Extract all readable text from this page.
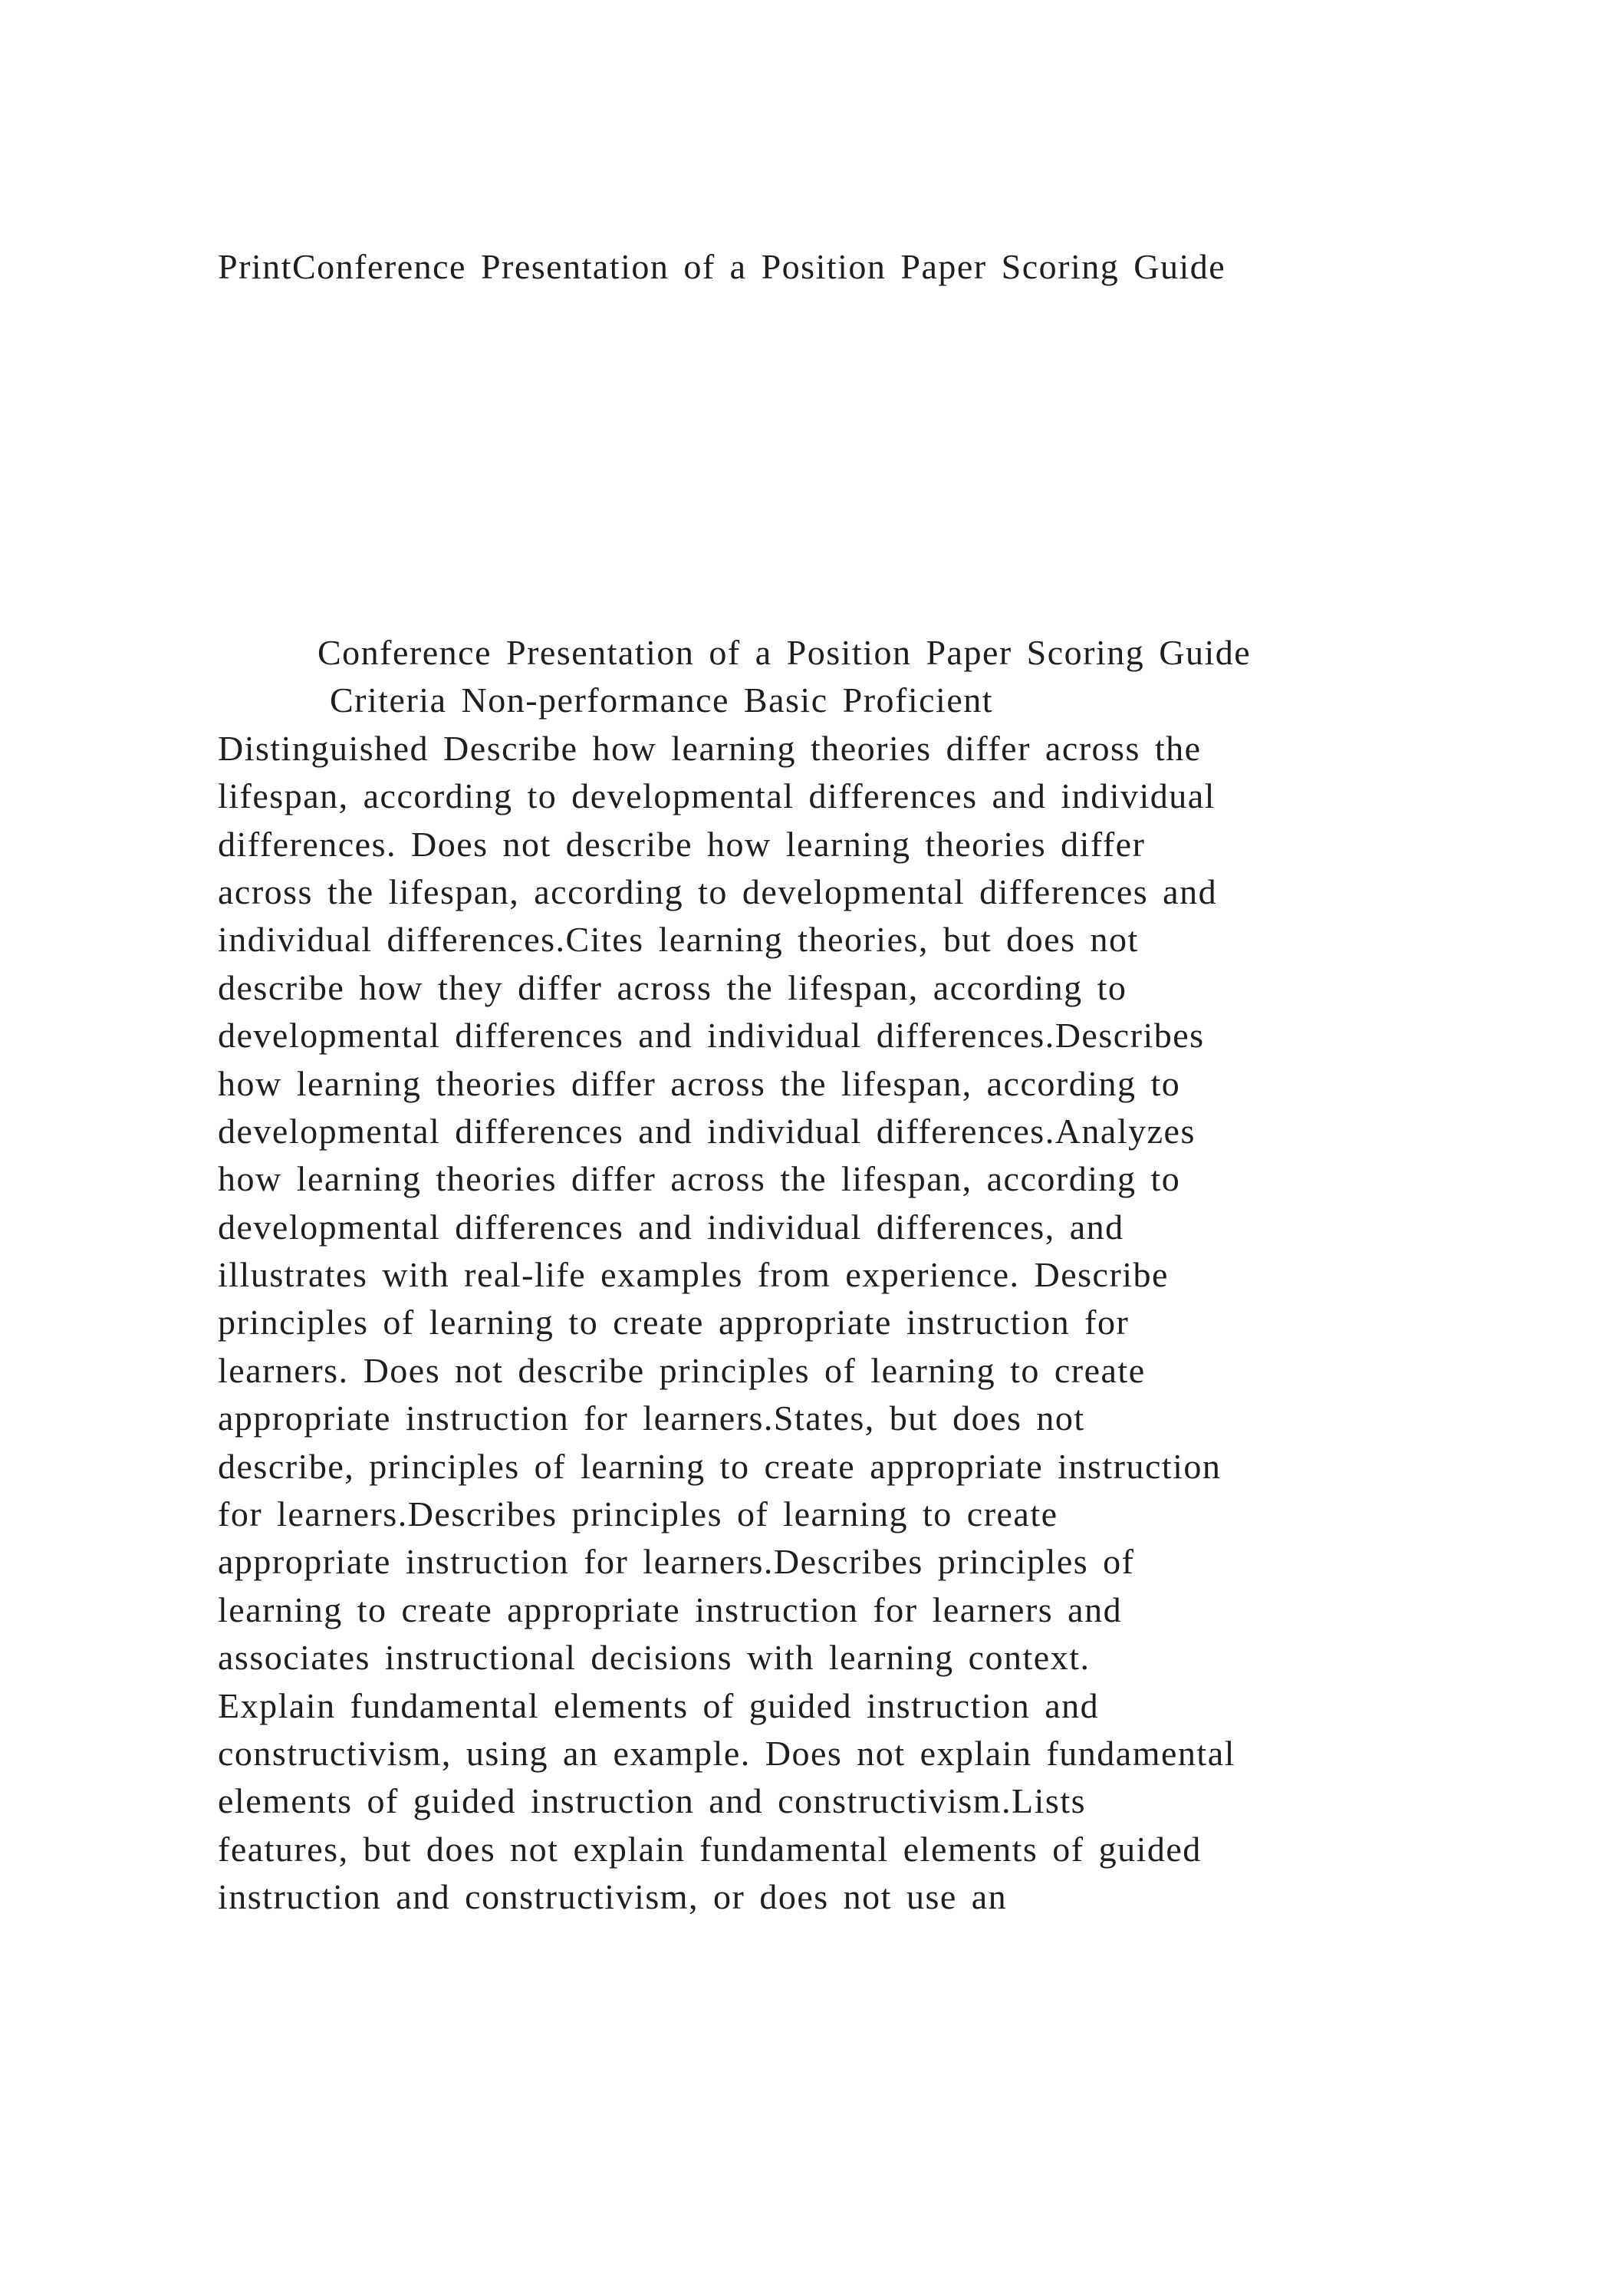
PrintConference Presentation of a Position Paper Scoring Guide
Conference Presentation of a Position Paper Scoring Guide
Criteria Non-performance Basic Proficient
Distinguished Describe how learning theories differ across the
lifespan, according to developmental differences and individual
differences. Does not describe how learning theories differ
across the lifespan, according to developmental differences and
individual differences.Cites learning theories, but does not
describe how they differ across the lifespan, according to
developmental differences and individual differences.Describes
how learning theories differ across the lifespan, according to
developmental differences and individual differences.Analyzes
how learning theories differ across the lifespan, according to
developmental differences and individual differences, and
illustrates with real-life examples from experience. Describe
principles of learning to create appropriate instruction for
learners. Does not describe principles of learning to create
appropriate instruction for learners.States, but does not
describe, principles of learning to create appropriate instruction
for learners.Describes principles of learning to create
appropriate instruction for learners.Describes principles of
learning to create appropriate instruction for learners and
associates instructional decisions with learning context.
Explain fundamental elements of guided instruction and
constructivism, using an example. Does not explain fundamental
elements of guided instruction and constructivism.Lists
features, but does not explain fundamental elements of guided
instruction and constructivism, or does not use an
